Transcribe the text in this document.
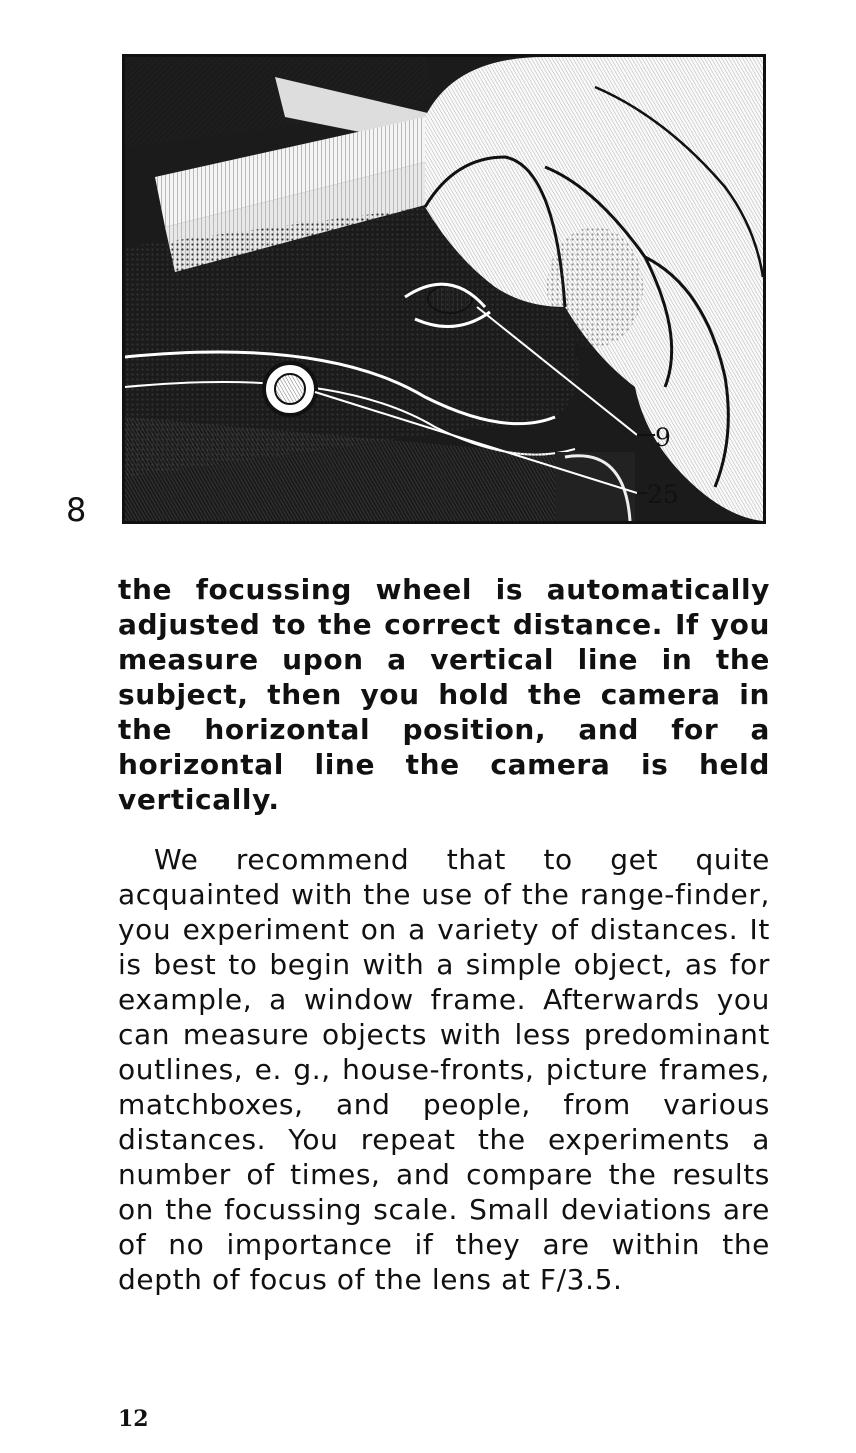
9
25
8

the focussing wheel is automatically adjusted to the correct distance. If you measure upon a vertical line in the subject, then you hold the camera in the horizontal position, and for a horizontal line the camera is held vertically.

We recommend that to get quite acquainted with the use of the range-finder, you experiment on a variety of distances. It is best to begin with a simple object, as for example, a window frame. Afterwards you can measure objects with less predominant outlines, e. g., house-fronts, picture frames, matchboxes, and people, from various distances. You repeat the experiments a number of times, and compare the results on the focussing scale. Small deviations are of no importance if they are within the depth of focus of the lens at F/3.5.

12
